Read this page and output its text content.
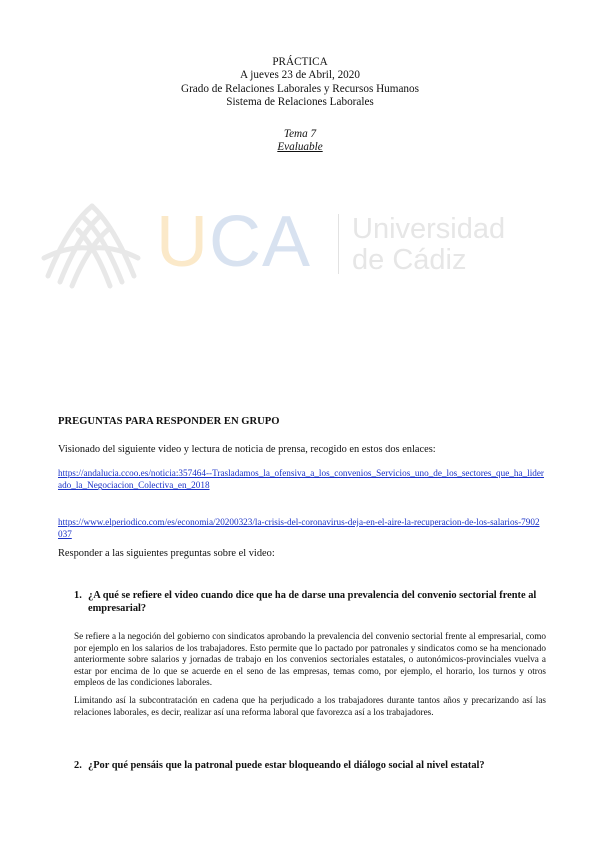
PRÁCTICA
A jueves 23 de Abril, 2020
Grado de Relaciones Laborales y Recursos Humanos
Sistema de Relaciones Laborales
Tema 7
Evaluable
UCA Universidad
de Cádiz
PREGUNTAS PARA RESPONDER EN GRUPO
Visionado del siguiente video y lectura de noticia de prensa, recogido en estos dos enlaces:
https://andalucia.ccoo.es/noticia:357464--Trasladamos_la_ofensiva_a_los_convenios_Servicios_uno_de_los_sectores_que_ha_liderado_la_Negociacion_Colectiva_en_2018
https://www.elperiodico.com/es/economia/20200323/la-crisis-del-coronavirus-deja-en-el-aire-la-recuperacion-de-los-salarios-7902037
Responder a las siguientes preguntas sobre el video:
1. ¿A qué se refiere el video cuando dice que ha de darse una prevalencia del convenio sectorial frente al empresarial?
Se refiere a la negoción del gobierno con sindicatos aprobando la prevalencia del convenio sectorial frente al empresarial, como por ejemplo en los salarios de los trabajadores. Esto permite que lo pactado por patronales y sindicatos como se ha mencionado anteriormente sobre salarios y jornadas de trabajo en los convenios sectoriales estatales, o autonómicos-provinciales vuelva a estar por encima de lo que se acuerde en el seno de las empresas, temas como, por ejemplo, el horario, los turnos y otros empleos de las condiciones laborales.
Limitando así la subcontratación en cadena que ha perjudicado a los trabajadores durante tantos años y precarizando así las relaciones laborales, es decir, realizar así una reforma laboral que favorezca así a los trabajadores.
2. ¿Por qué pensáis que la patronal puede estar bloqueando el diálogo social al nivel estatal?
